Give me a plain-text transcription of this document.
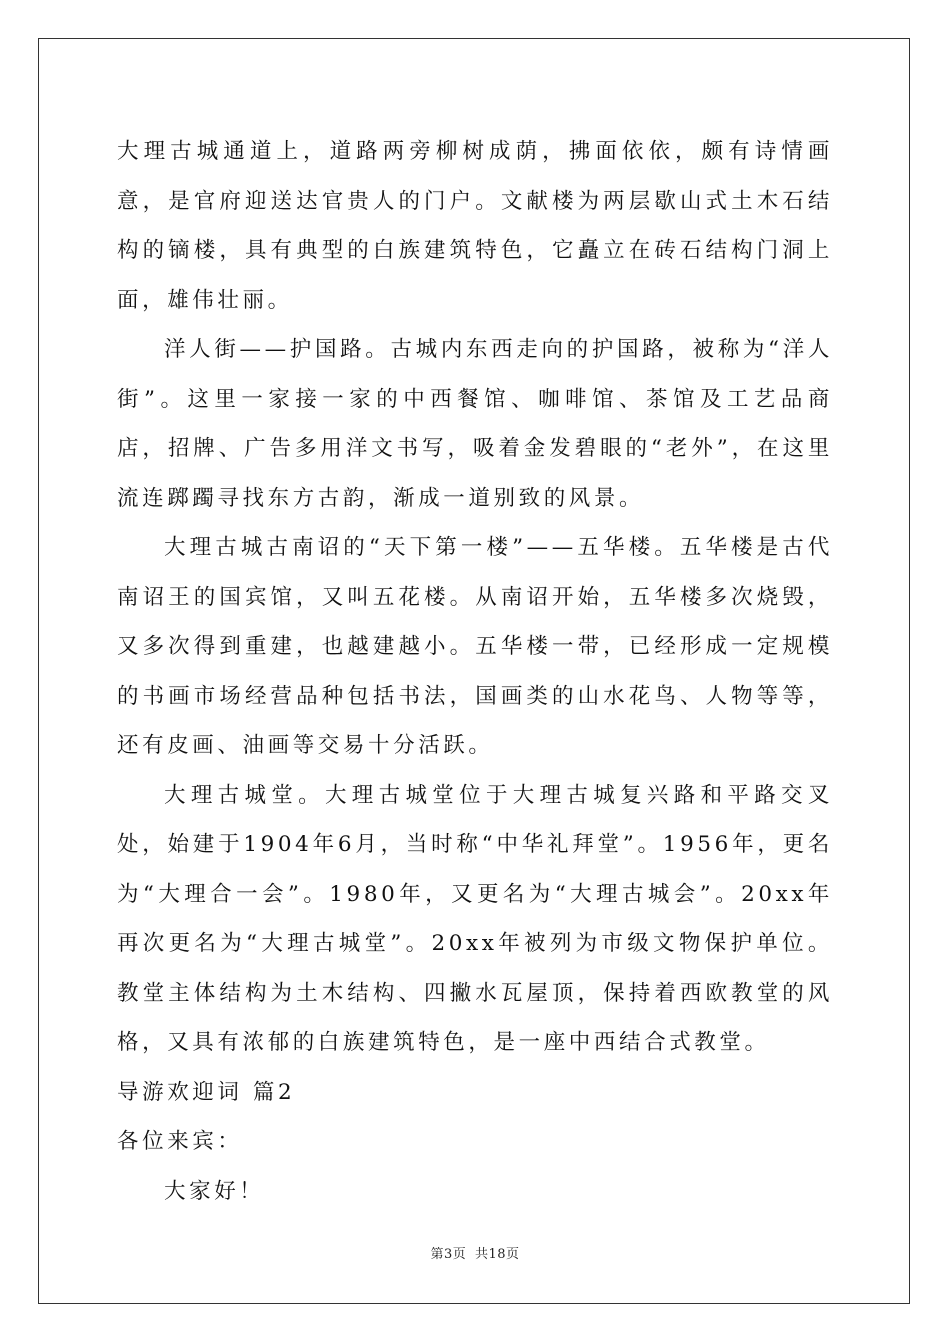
大理古城通道上，道路两旁柳树成荫，拂面依依，颇有诗情画意，是官府迎送达官贵人的门户。文献楼为两层歇山式土木石结构的镝楼，具有典型的白族建筑特色，它矗立在砖石结构门洞上面，雄伟壮丽。

洋人街——护国路。古城内东西走向的护国路，被称为“洋人街”。这里一家接一家的中西餐馆、咖啡馆、茶馆及工艺品商店，招牌、广告多用洋文书写，吸着金发碧眼的“老外”，在这里流连踯躅寻找东方古韵，渐成一道别致的风景。

大理古城古南诏的“天下第一楼”——五华楼。五华楼是古代南诏王的国宾馆，又叫五花楼。从南诏开始，五华楼多次烧毁，又多次得到重建，也越建越小。五华楼一带，已经形成一定规模的书画市场经营品种包括书法，国画类的山水花鸟、人物等等，还有皮画、油画等交易十分活跃。

大理古城堂。大理古城堂位于大理古城复兴路和平路交叉处，始建于1904年6月，当时称“中华礼拜堂”。1956年，更名为“大理合一会”。1980年，又更名为“大理古城会”。20xx年再次更名为“大理古城堂”。20xx年被列为市级文物保护单位。教堂主体结构为土木结构、四撇水瓦屋顶，保持着西欧教堂的风格，又具有浓郁的白族建筑特色，是一座中西结合式教堂。

导游欢迎词 篇2

各位来宾：

大家好！

第3页 共18页
